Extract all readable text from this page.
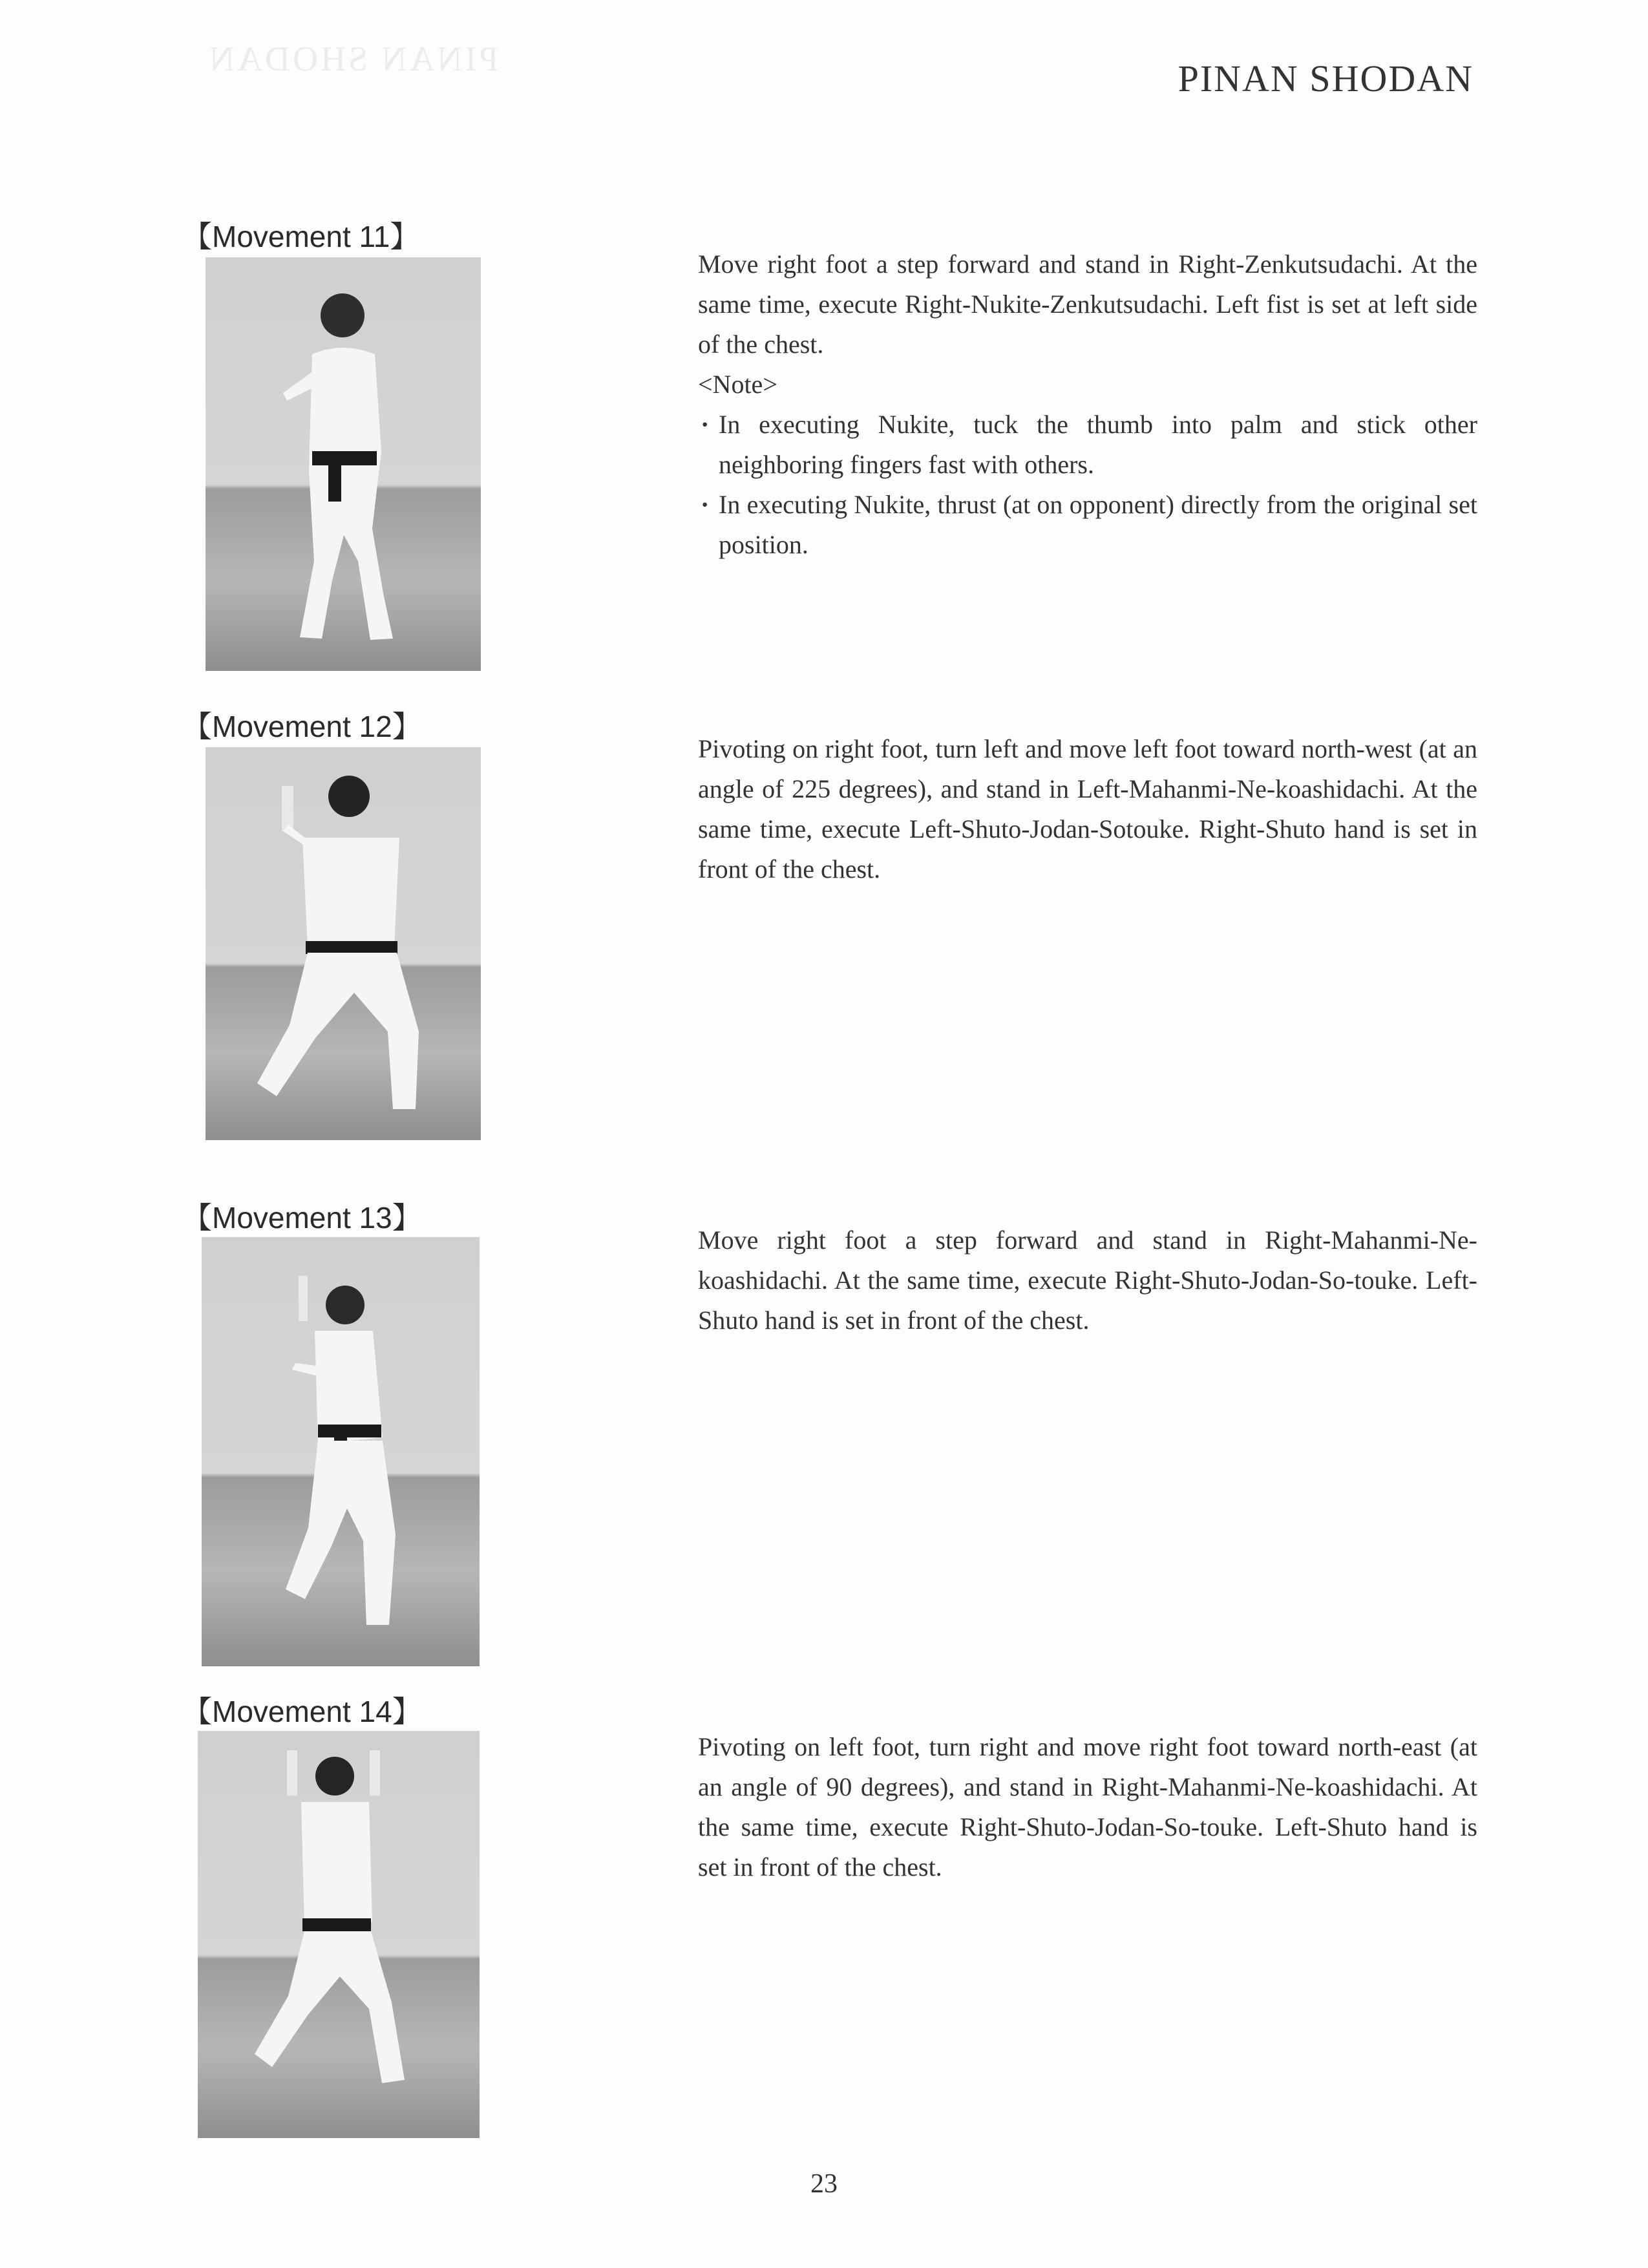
PINAN SHODAN	PINAN SHODAN
【Movement 11】

Move right foot a step forward and stand in Right-Zenkutsudachi. At the same time, execute Right-Nukite-Zenkutsudachi. Left fist is set at left side of the chest.

<Note>

· In executing Nukite, tuck the thumb into palm and stick other neighboring fingers fast with others.
· In executing Nukite, thrust (at on opponent) directly from the original set position.
【Movement 12】

Pivoting on right foot, turn left and move left foot toward north-west (at an angle of 225 degrees), and stand in Left-Mahanmi-Ne-koashidachi. At the same time, execute Left-Shuto-Jodan-Sotouke. Right-Shuto hand is set in front of the chest.

【Movement 13】

Move right foot a step forward and stand in Right-Mahanmi-Ne-koashidachi. At the same time, execute Right-Shuto-Jodan-So-touke. Left-Shuto hand is set in front of the chest.

【Movement 14】

Pivoting on left foot, turn right and move right foot toward north-east (at an angle of 90 degrees), and stand in Right-Mahanmi-Ne-koashidachi. At the same time, execute Right-Shuto-Jodan-So-touke. Left-Shuto hand is set in front of the chest.

23
